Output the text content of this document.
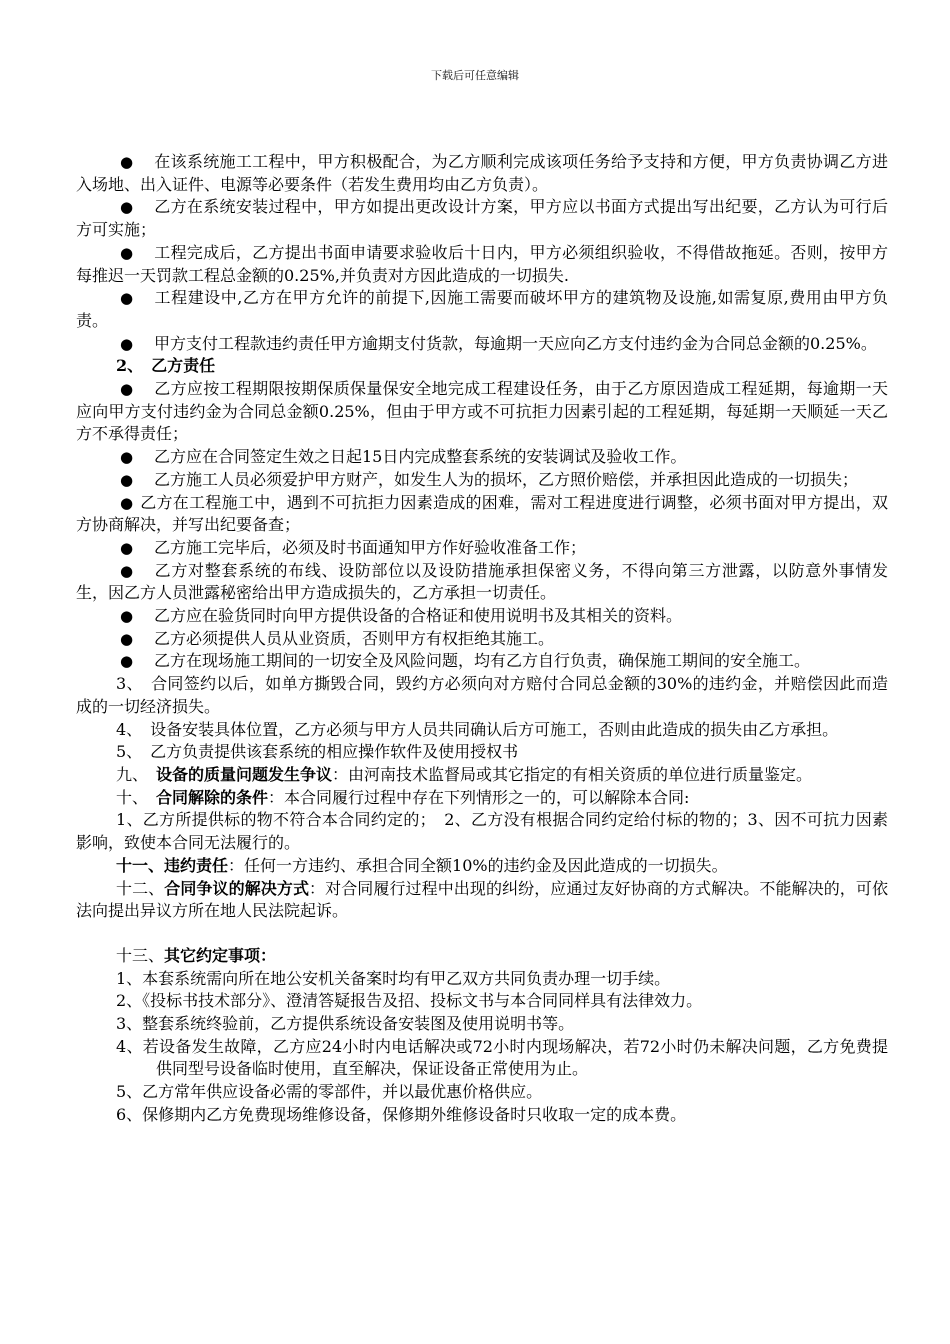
下载后可任意编辑

● 在该系统施工工程中，甲方积极配合，为乙方顺利完成该项任务给予支持和方便，甲方负责协调乙方进入场地、出入证件、电源等必要条件（若发生费用均由乙方负责）。

● 乙方在系统安装过程中，甲方如提出更改设计方案，甲方应以书面方式提出写出纪要，乙方认为可行后方可实施；

● 工程完成后，乙方提出书面申请要求验收后十日内，甲方必须组织验收，不得借故拖延。否则，按甲方每推迟一天罚款工程总金额的0.25%,并负责对方因此造成的一切损失.

● 工程建设中,乙方在甲方允许的前提下,因施工需要而破坏甲方的建筑物及设施,如需复原,费用由甲方负责。

● 甲方支付工程款违约责任甲方逾期支付货款，每逾期一天应向乙方支付违约金为合同总金额的0.25%。

2、　乙方责任

● 乙方应按工程期限按期保质保量保安全地完成工程建设任务，由于乙方原因造成工程延期，每逾期一天应向甲方支付违约金为合同总金额0.25%，但由于甲方或不可抗拒力因素引起的工程延期，每延期一天顺延一天乙方不承得责任；

● 乙方应在合同签定生效之日起15日内完成整套系统的安装调试及验收工作。

● 乙方施工人员必须爱护甲方财产，如发生人为的损坏，乙方照价赔偿，并承担因此造成的一切损失；

● 乙方在工程施工中，遇到不可抗拒力因素造成的困难，需对工程进度进行调整，必须书面对甲方提出，双方协商解决，并写出纪要备查；

● 乙方施工完毕后，必须及时书面通知甲方作好验收准备工作；

● 乙方对整套系统的布线、设防部位以及设防措施承担保密义务，不得向第三方泄露，以防意外事情发生，因乙方人员泄露秘密给出甲方造成损失的，乙方承担一切责任。

● 乙方应在验货同时向甲方提供设备的合格证和使用说明书及其相关的资料。

● 乙方必须提供人员从业资质，否则甲方有权拒绝其施工。

● 乙方在现场施工期间的一切安全及风险问题，均有乙方自行负责，确保施工期间的安全施工。

3、　合同签约以后，如单方撕毁合同，毁约方必须向对方赔付合同总金额的30%的违约金，并赔偿因此而造成的一切经济损失。

4、　设备安装具体位置，乙方必须与甲方人员共同确认后方可施工，否则由此造成的损失由乙方承担。

5、　乙方负责提供该套系统的相应操作软件及使用授权书

九、　设备的质量问题发生争议：由河南技术监督局或其它指定的有相关资质的单位进行质量鉴定。

十、　合同解除的条件：本合同履行过程中存在下列情形之一的，可以解除本合同:

1、乙方所提供标的物不符合本合同约定的；　2、乙方没有根据合同约定给付标的物的；3、因不可抗力因素影响，致使本合同无法履行的。

十一、违约责任：任何一方违约、承担合同全额10%的违约金及因此造成的一切损失。

十二、合同争议的解决方式：对合同履行过程中出现的纠纷，应通过友好协商的方式解决。不能解决的，可依法向提出异议方所在地人民法院起诉。

十三、其它约定事项：

1、本套系统需向所在地公安机关备案时均有甲乙双方共同负责办理一切手续。

2、《投标书技术部分》、澄清答疑报告及招、投标文书与本合同同样具有法律效力。

3、整套系统终验前，乙方提供系统设备安装图及使用说明书等。

4、若设备发生故障，乙方应24小时内电话解决或72小时内现场解决，若72小时仍未解决问题，乙方免费提供同型号设备临时使用，直至解决，保证设备正常使用为止。

5、乙方常年供应设备必需的零部件，并以最优惠价格供应。

6、保修期内乙方免费现场维修设备，保修期外维修设备时只收取一定的成本费。
